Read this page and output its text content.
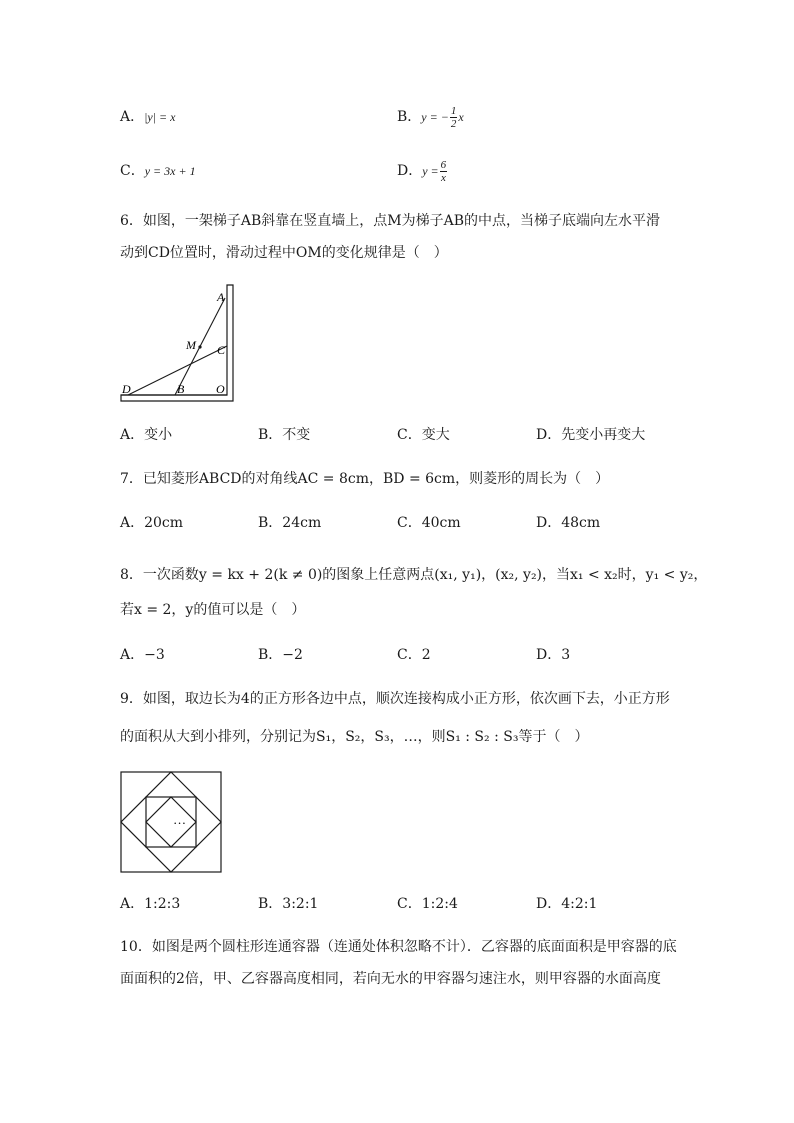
A．|y| = x	B．y = − $\frac{1}{2}$ x
C．y = 3x + 1	D．$y = \frac{6}{x}$
6．如图，一架梯子AB斜靠在竖直墙上，点M为梯子AB的中点，当梯子底端向左水平滑
动到CD位置时，滑动过程中OM的变化规律是（　）
A
M C
D	B	O
A．变小	B．不变	C．变大	D．先变小再变大
7．已知菱形ABCD的对角线AC = 8cm，BD = 6cm，则菱形的周长为（　）
A．20cm	B．24cm	C．40cm	D．48cm
8．一次函数y = kx + 2(k ≠ 0)的图象上任意两点(x₁, y₁)，(x₂, y₂)，当x₁ < x₂时，y₁ < y₂，
若x = 2，y的值可以是（　）
A．−3	B．−2	C．2	D．3
9．如图，取边长为4的正方形各边中点，顺次连接构成小正方形，依次画下去，小正方形
的面积从大到小排列，分别记为S₁，S₂，S₃，…，则S₁ : S₂ : S₃等于（　）
…
A．1:2:3	B．3:2:1	C．1:2:4	D．4:2:1
10．如图是两个圆柱形连通容器（连通处体积忽略不计）．乙容器的底面面积是甲容器的底
面面积的2倍，甲、乙容器高度相同，若向无水的甲容器匀速注水，则甲容器的水面高度
